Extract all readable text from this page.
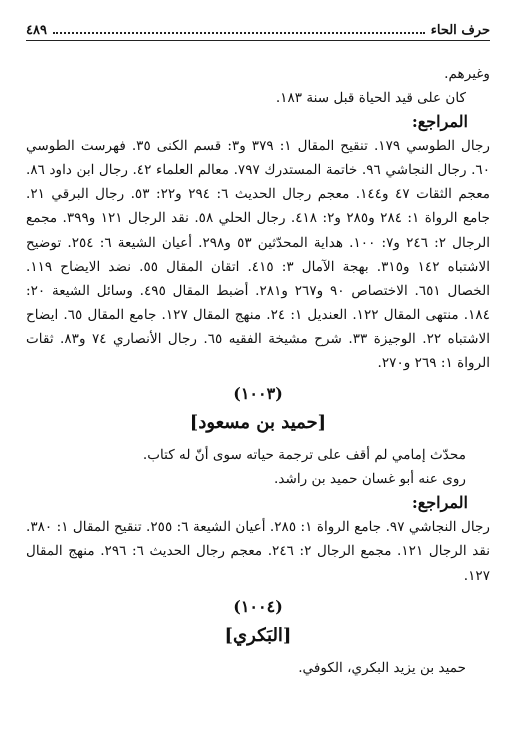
حرف الحاء
٤٨٩

وغيرهم.

كان على قيد الحياة قبل سنة ١٨٣.

المراجع:

رجال الطوسي ١٧٩. تنقيح المقال ١: ٣٧٩ و٣: قسم الكنى ٣٥. فهرست الطوسي ٦٠. رجال النجاشي ٩٦. خاتمة المستدرك ٧٩٧. معالم العلماء ٤٢. رجال ابن داود ٨٦. معجم الثقات ٤٧ و١٤٤. معجم رجال الحديث ٦: ٢٩٤ و٢٢: ٥٣. رجال البرقي ٢١. جامع الرواة ١: ٢٨٤ و٢٨٥ و٢: ٤١٨. رجال الحلي ٥٨. نقد الرجال ١٢١ و٣٩٩. مجمع الرجال ٢: ٢٤٦ و٧: ١٠٠. هداية المحدّثين ٥٣ و٢٩٨. أعيان الشيعة ٦: ٢٥٤. توضيح الاشتباه ١٤٢ و٣١٥. بهجة الآمال ٣: ٤١٥. اتقان المقال ٥٥. نضد الايضاح ١١٩. الخصال ٦٥١. الاختصاص ٩٠ و٢٦٧ و٢٨١. أضبط المقال ٤٩٥. وسائل الشيعة ٢٠: ١٨٤. منتهى المقال ١٢٢. العنديل ١: ٢٤. منهج المقال ١٢٧. جامع المقال ٦٥. ايضاح الاشتباه ٢٢. الوجيزة ٣٣. شرح مشيخة الفقيه ٦٥. رجال الأنصاري ٧٤ و٨٣. ثقات الرواة ١: ٢٦٩ و٢٧٠.

(١٠٠٣)
[حميد بن مسعود]

محدّث إمامي لم أقف على ترجمة حياته سوى أنّ له كتاب.

روى عنه أبو غسان حميد بن راشد.

المراجع:

رجال النجاشي ٩٧. جامع الرواة ١: ٢٨٥. أعيان الشيعة ٦: ٢٥٥. تنقيح المقال ١: ٣٨٠. نقد الرجال ١٢١. مجمع الرجال ٢: ٢٤٦. معجم رجال الحديث ٦: ٢٩٦. منهج المقال ١٢٧.

(١٠٠٤)
[البَكري]

حميد بن يزيد البكري، الكوفي.
